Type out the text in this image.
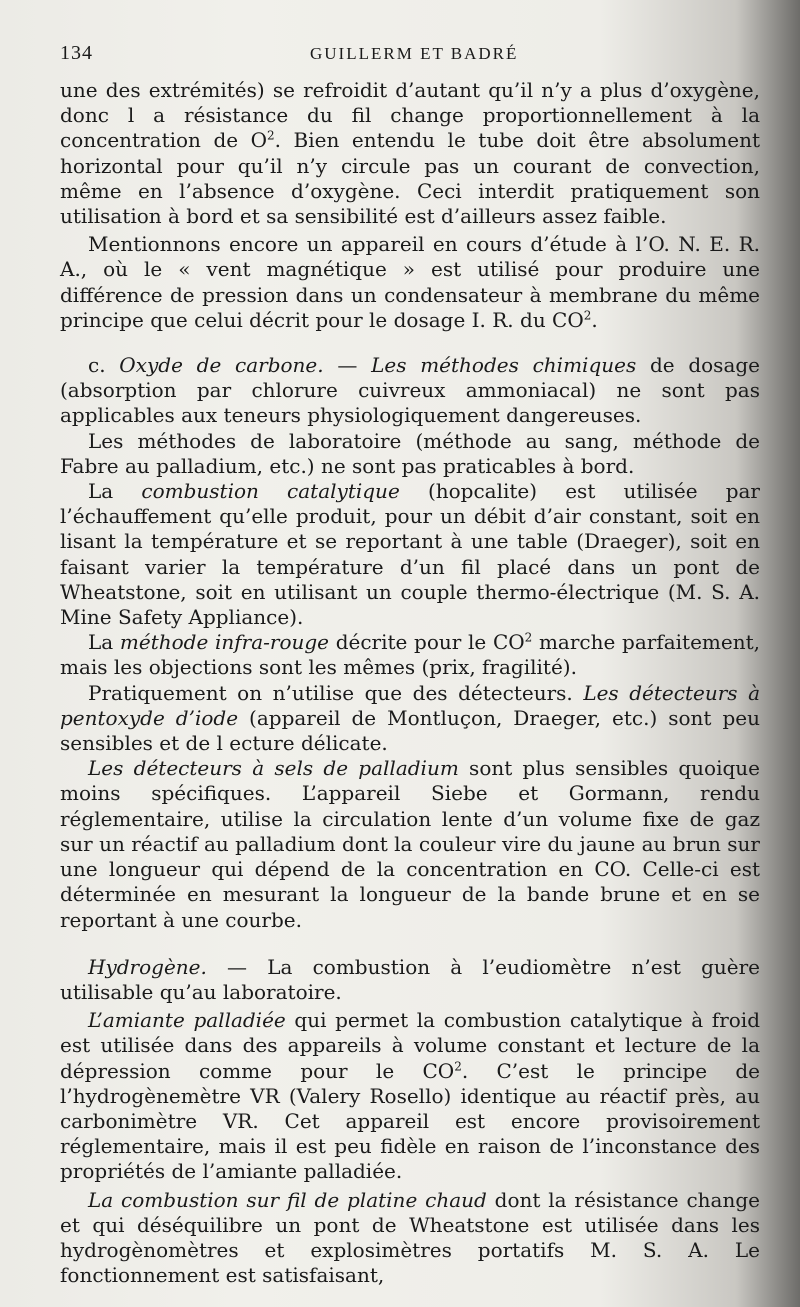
134	GUILLERM ET BADRÉ

une des extrémités) se refroidit d’autant qu’il n’y a plus d’oxygène, donc l a résistance du fil change proportionnellement à la concentration de $O^2$. Bien entendu le tube doit être absolument horizontal pour qu’il n’y circule pas un courant de convection, même en l’absence d’oxygène. Ceci interdit pratiquement son utilisation à bord et sa sensibilité est d’ailleurs assez faible.

Mentionnons encore un appareil en cours d’étude à l’O. N. E. R. A., où le « vent magnétique » est utilisé pour produire une différence de pression dans un condensateur à membrane du même principe que celui décrit pour le dosage I. R. du $CO^2$.

c. Oxyde de carbone. — Les méthodes chimiques de dosage (absorption par chlorure cuivreux ammoniacal) ne sont pas applicables aux teneurs physiologiquement dangereuses.

Les méthodes de laboratoire (méthode au sang, méthode de Fabre au palladium, etc.) ne sont pas praticables à bord.

La combustion catalytique (hopcalite) est utilisée par l’échauffement qu’elle produit, pour un débit d’air constant, soit en lisant la température et se reportant à une table (Draeger), soit en faisant varier la température d’un fil placé dans un pont de Wheatstone, soit en utilisant un couple thermo-électrique (M. S. A. Mine Safety Appliance).

La méthode infra-rouge décrite pour le $CO^2$ marche parfaitement, mais les objections sont les mêmes (prix, fragilité).

Pratiquement on n’utilise que des détecteurs. Les détecteurs à pentoxyde d’iode (appareil de Montluçon, Draeger, etc.) sont peu sensibles et de l ecture délicate.

Les détecteurs à sels de palladium sont plus sensibles quoique moins spécifiques. L’appareil Siebe et Gormann, rendu réglementaire, utilise la circulation lente d’un volume fixe de gaz sur un réactif au palladium dont la couleur vire du jaune au brun sur une longueur qui dépend de la concentration en CO. Celle-ci est déterminée en mesurant la longueur de la bande brune et en se reportant à une courbe.

Hydrogène. — La combustion à l’eudiomètre n’est guère utilisable qu’au laboratoire.

L’amiante palladiée qui permet la combustion catalytique à froid est utilisée dans des appareils à volume constant et lecture de la dépression comme pour le $CO^2$. C’est le principe de l’hydrogènemètre VR (Valery Rosello) identique au réactif près, au carbonimètre VR. Cet appareil est encore provisoirement réglementaire, mais il est peu fidèle en raison de l’inconstance des propriétés de l’amiante palladiée.

La combustion sur fil de platine chaud dont la résistance change et qui déséquilibre un pont de Wheatstone est utilisée dans les hydrogènomètres et explosimètres portatifs M. S. A. Le fonctionnement est satisfaisant,
